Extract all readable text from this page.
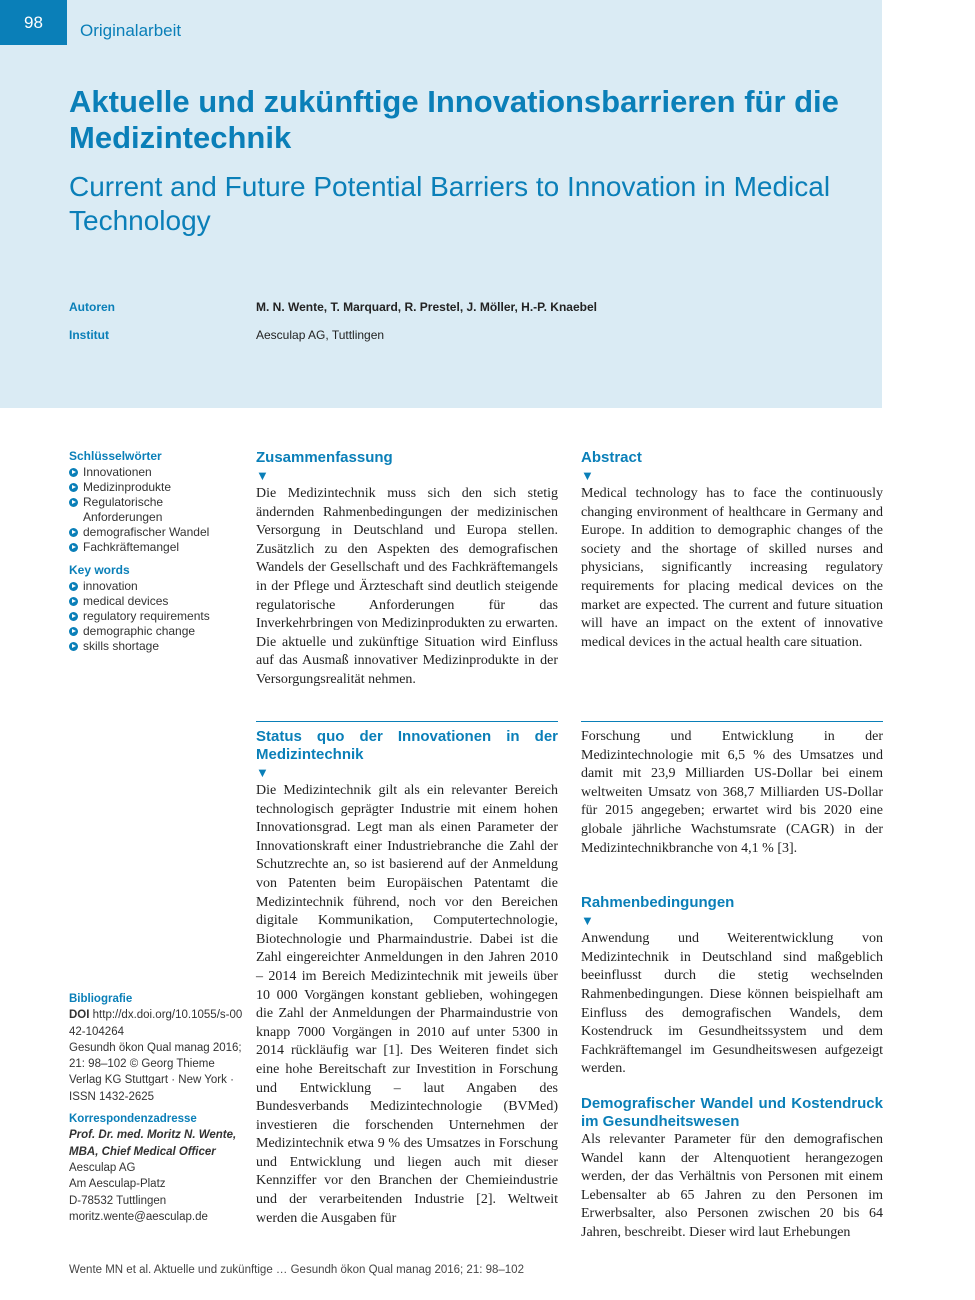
98	Originalarbeit
Aktuelle und zukünftige Innovationsbarrieren für die Medizintechnik
Current and Future Potential Barriers to Innovation in Medical Technology
Autoren	M. N. Wente, T. Marquard, R. Prestel, J. Möller, H.-P. Knaebel
Institut	Aesculap AG, Tuttlingen
Schlüsselwörter
Innovationen
Medizinprodukte
Regulatorische Anforderungen
demografischer Wandel
Fachkräftemangel
Key words
innovation
medical devices
regulatory requirements
demographic change
skills shortage
Zusammenfassung
▼

Die Medizintechnik muss sich den sich stetig ändernden Rahmenbedingungen der medizinischen Versorgung in Deutschland und Europa stellen. Zusätzlich zu den Aspekten des demografischen Wandels der Gesellschaft und des Fachkräftemangels in der Pflege und Ärzteschaft sind deutlich steigende regulatorische Anforderungen für das Inverkehrbringen von Medizinprodukten zu erwarten. Die aktuelle und zukünftige Situation wird Einfluss auf das Ausmaß innovativer Medizinprodukte in der Versorgungsrealität nehmen.

Abstract
▼

Medical technology has to face the continuously changing environment of healthcare in Germany and Europe. In addition to demographic changes of the society and the shortage of skilled nurses and physicians, significantly increasing regulatory requirements for placing medical devices on the market are expected. The current and future situation will have an impact on the extent of innovative medical devices in the actual health care situation.

Status quo der Innovationen in der Medizintechnik
▼

Die Medizintechnik gilt als ein relevanter Bereich technologisch geprägter Industrie mit einem hohen Innovationsgrad. Legt man als einen Parameter der Innovationskraft einer Industriebranche die Zahl der Schutzrechte an, so ist basierend auf der Anmeldung von Patenten beim Europäischen Patentamt die Medizintechnik führend, noch vor den Bereichen digitale Kommunikation, Computertechnologie, Biotechnologie und Pharmaindustrie. Dabei ist die Zahl eingereichter Anmeldungen in den Jahren 2010 – 2014 im Bereich Medizintechnik mit jeweils über 10 000 Vorgängen konstant geblieben, wohingegen die Zahl der Anmeldungen der Pharmaindustrie von knapp 7000 Vorgängen in 2010 auf unter 5300 in 2014 rückläufig war [1]. Des Weiteren findet sich eine hohe Bereitschaft zur Investition in Forschung und Entwicklung – laut Angaben des Bundesverbands Medizintechnologie (BVMed) investieren die forschenden Unternehmen der Medizintechnik etwa 9 % des Umsatzes in Forschung und Entwicklung und liegen auch mit dieser Kennziffer vor den Branchen der Chemieindustrie und der verarbeitenden Industrie [2]. Weltweit werden die Ausgaben für

Forschung und Entwicklung in der Medizintechnologie mit 6,5 % des Umsatzes und damit mit 23,9 Milliarden US-Dollar bei einem weltweiten Umsatz von 368,7 Milliarden US-Dollar für 2015 angegeben; erwartet wird bis 2020 eine globale jährliche Wachstumsrate (CAGR) in der Medizintechnikbranche von 4,1 % [3].

Rahmenbedingungen
▼

Anwendung und Weiterentwicklung von Medizintechnik in Deutschland sind maßgeblich beeinflusst durch die stetig wechselnden Rahmenbedingungen. Diese können beispielhaft am Einfluss des demografischen Wandels, dem Kostendruck im Gesundheitssystem und dem Fachkräftemangel im Gesundheitswesen aufgezeigt werden.

Demografischer Wandel und Kostendruck im Gesundheitswesen

Als relevanter Parameter für den demografischen Wandel kann der Altenquotient herangezogen werden, der das Verhältnis von Personen mit einem Lebensalter ab 65 Jahren zu den Personen im Erwerbsalter, also Personen zwischen 20 bis 64 Jahren, beschreibt. Dieser wird laut Erhebungen

Bibliografie
DOI http://dx.doi.org/10.1055/s-0042-104264
Gesundh ökon Qual manag 2016; 21: 98–102 © Georg Thieme Verlag KG Stuttgart · New York · ISSN 1432-2625
Korrespondenzadresse
Prof. Dr. med. Moritz N. Wente, MBA, Chief Medical Officer
Aesculap AG
Am Aesculap-Platz
D-78532 Tuttlingen
moritz.wente@aesculap.de
Wente MN et al. Aktuelle und zukünftige … Gesundh ökon Qual manag 2016; 21: 98–102
